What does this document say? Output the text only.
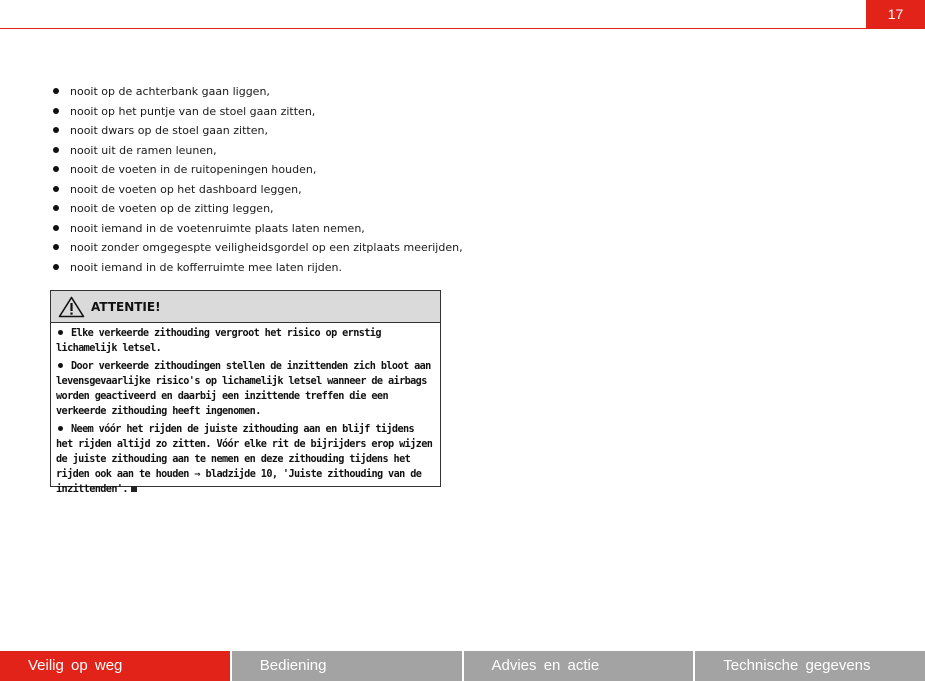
17
nooit op de achterbank gaan liggen,
nooit op het puntje van de stoel gaan zitten,
nooit dwars op de stoel gaan zitten,
nooit uit de ramen leunen,
nooit de voeten in de ruitopeningen houden,
nooit de voeten op het dashboard leggen,
nooit de voeten op de zitting leggen,
nooit iemand in de voetenruimte plaats laten nemen,
nooit zonder omgegespte veiligheidsgordel op een zitplaats meerijden,
nooit iemand in de kofferruimte mee laten rijden.
ATTENTIE!

Elke verkeerde zithouding vergroot het risico op ernstig lichamelijk letsel.

Door verkeerde zithoudingen stellen de inzittenden zich bloot aan levensgevaarlijke risico's op lichamelijk letsel wanneer de airbags worden geactiveerd en daarbij een inzittende treffen die een verkeerde zithouding heeft ingenomen.

Neem vóór het rijden de juiste zithouding aan en blijf tijdens het rijden altijd zo zitten. Vóór elke rit de bijrijders erop wijzen de juiste zithouding aan te nemen en deze zithouding tijdens het rijden ook aan te houden ⇒ bladzijde 10, 'Juiste zithouding van de inzittenden'.

Veilig op weg	Bediening	Advies en actie	Technische gegevens
